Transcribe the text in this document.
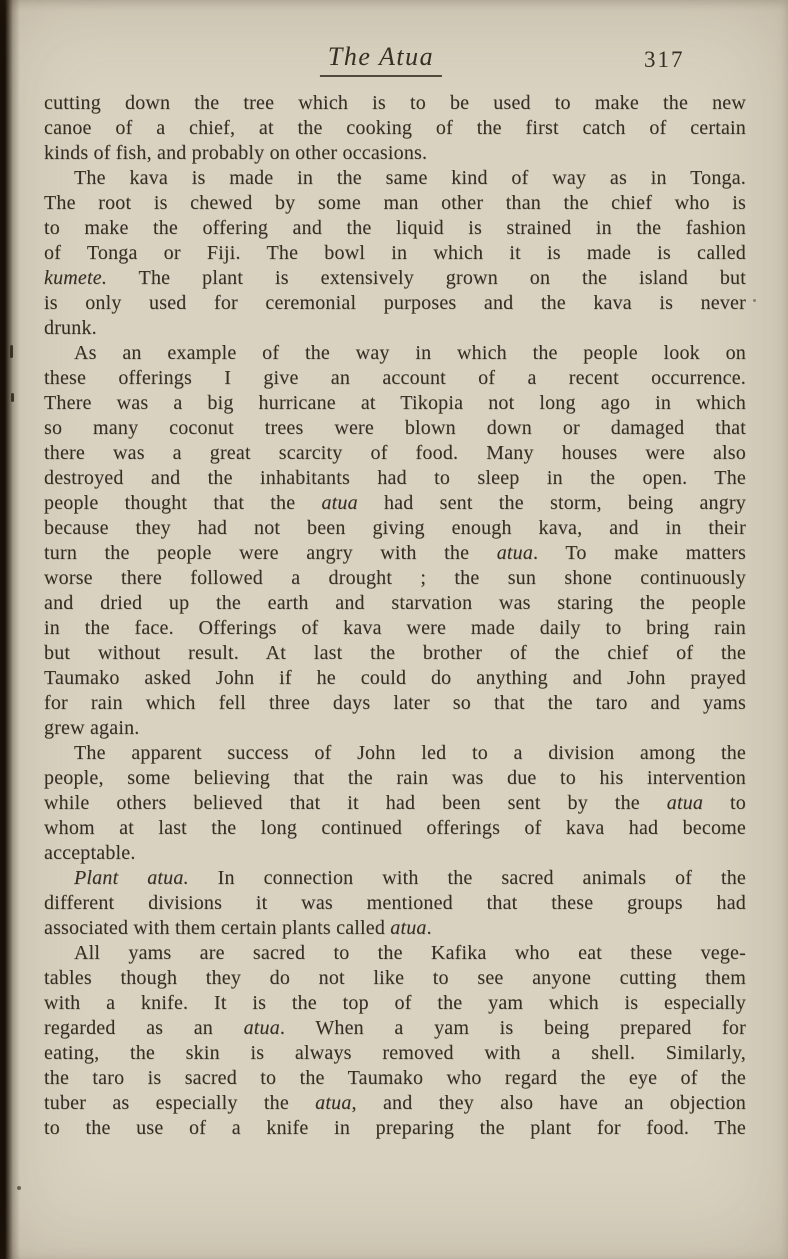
The Atua	317
cutting down the tree which is to be used to make the new
canoe of a chief, at the cooking of the first catch of certain
kinds of fish, and probably on other occasions.
The kava is made in the same kind of way as in Tonga.
The root is chewed by some man other than the chief who is
to make the offering and the liquid is strained in the fashion
of Tonga or Fiji. The bowl in which it is made is called
kumete. The plant is extensively grown on the island but
is only used for ceremonial purposes and the kava is never
drunk.
As an example of the way in which the people look on
these offerings I give an account of a recent occurrence.
There was a big hurricane at Tikopia not long ago in which
so many coconut trees were blown down or damaged that
there was a great scarcity of food. Many houses were also
destroyed and the inhabitants had to sleep in the open. The
people thought that the atua had sent the storm, being angry
because they had not been giving enough kava, and in their
turn the people were angry with the atua. To make matters
worse there followed a drought ; the sun shone continuously
and dried up the earth and starvation was staring the people
in the face. Offerings of kava were made daily to bring rain
but without result. At last the brother of the chief of the
Taumako asked John if he could do anything and John prayed
for rain which fell three days later so that the taro and yams
grew again.
The apparent success of John led to a division among the
people, some believing that the rain was due to his intervention
while others believed that it had been sent by the atua to
whom at last the long continued offerings of kava had become
acceptable.
Plant atua. In connection with the sacred animals of the
different divisions it was mentioned that these groups had
associated with them certain plants called atua.
All yams are sacred to the Kafika who eat these vege-
tables though they do not like to see anyone cutting them
with a knife. It is the top of the yam which is especially
regarded as an atua. When a yam is being prepared for
eating, the skin is always removed with a shell. Similarly,
the taro is sacred to the Taumako who regard the eye of the
tuber as especially the atua, and they also have an objection
to the use of a knife in preparing the plant for food. The
